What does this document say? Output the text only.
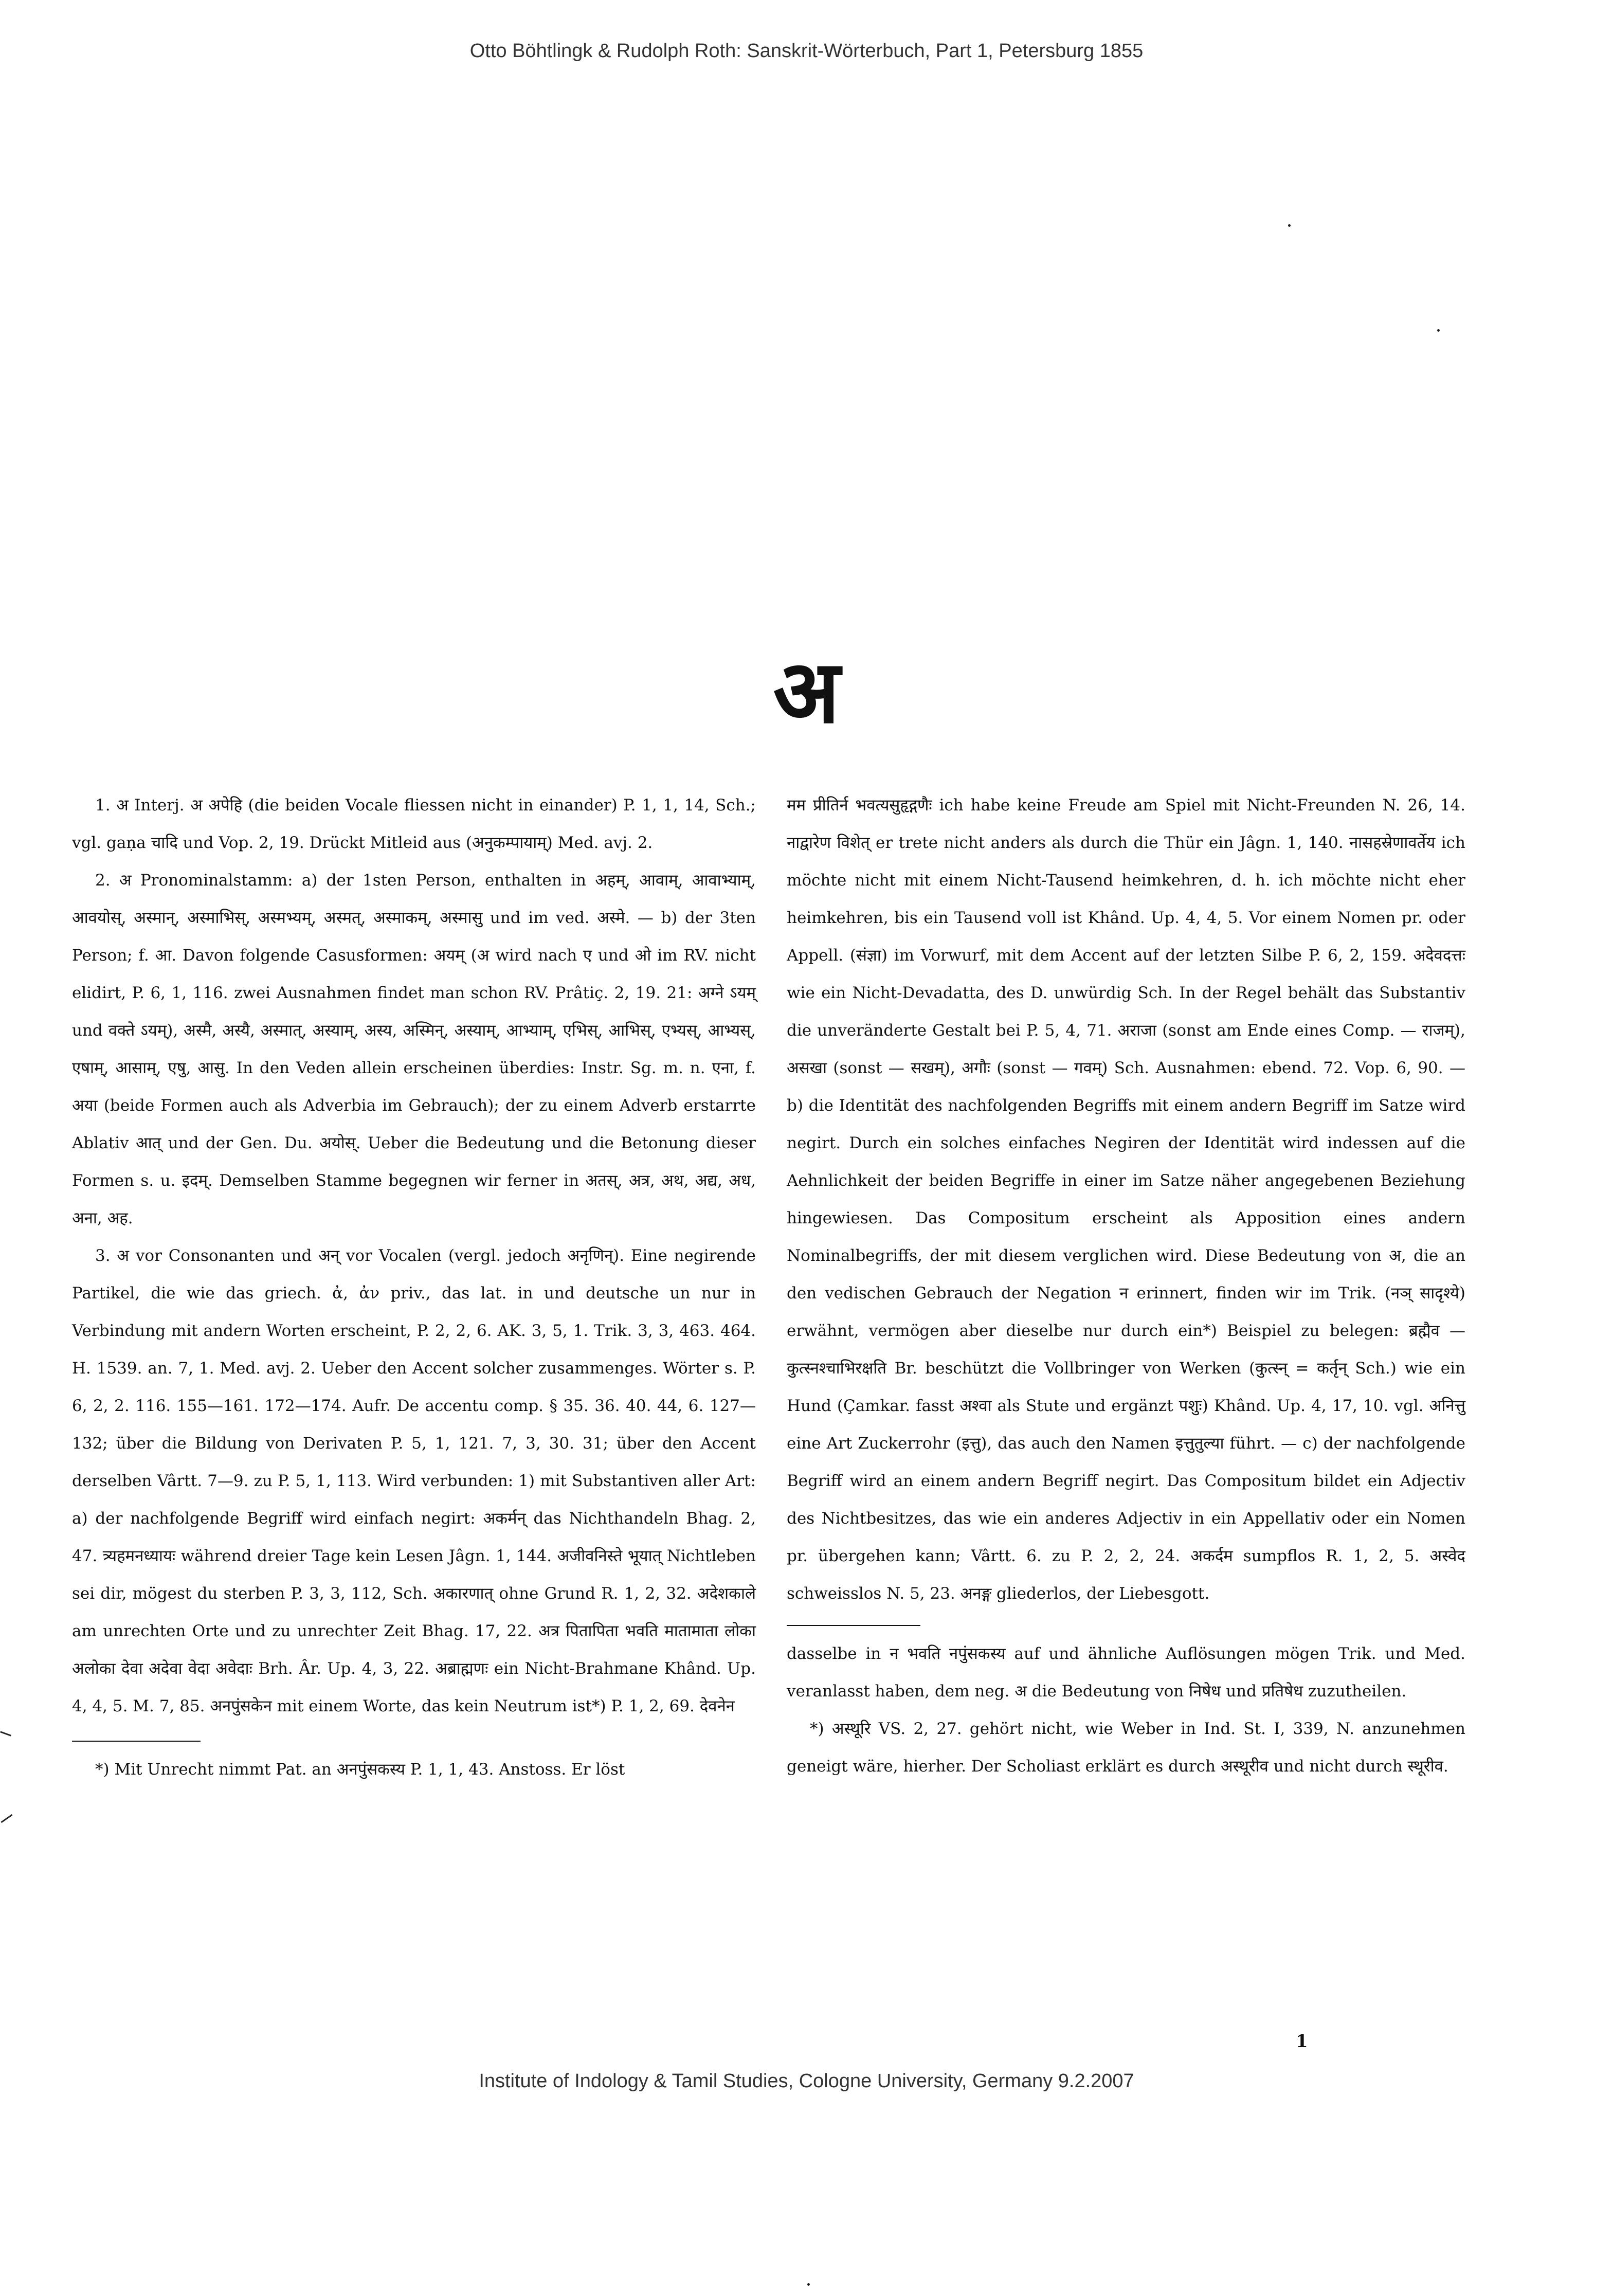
Otto Böhtlingk & Rudolph Roth: Sanskrit-Wörterbuch, Part 1, Petersburg 1855
अ

1. अ Interj. अ अपेहि (die beiden Vocale fliessen nicht in einander) P. 1, 1, 14, Sch.; vgl. gaṇa चादि und Vop. 2, 19. Drückt Mitleid aus (अनुकम्पायाम्) Med. avj. 2.

2. अ Pronominalstamm: a) der 1sten Person, enthalten in अहम्, आवाम्, आवाभ्याम्, आवयोस्, अस्मान्, अस्माभिस्, अस्मभ्यम्, अस्मत्, अस्माकम्, अस्मासु und im ved. अस्मे. — b) der 3ten Person; f. आ. Davon folgende Casusformen: अयम् (अ wird nach ए und ओ im RV. nicht elidirt, P. 6, 1, 116. zwei Ausnahmen findet man schon RV. Prâtiç. 2, 19. 21: अग्ने ऽयम् und वक्ते ऽयम्), अस्मै, अस्यै, अस्मात्, अस्याम्, अस्य, अस्मिन्, अस्याम्, आभ्याम्, एभिस्, आभिस्, एभ्यस्, आभ्यस्, एषाम्, आसाम्, एषु, आसु. In den Veden allein erscheinen überdies: Instr. Sg. m. n. एना, f. अया (beide Formen auch als Adverbia im Gebrauch); der zu einem Adverb erstarrte Ablativ आत् und der Gen. Du. अयोस्. Ueber die Bedeutung und die Betonung dieser Formen s. u. इदम्. Demselben Stamme begegnen wir ferner in अतस्, अत्र, अथ, अद्य, अध, अना, अह.

3. अ vor Consonanten und अन् vor Vocalen (vergl. jedoch अनृणिन्). Eine negirende Partikel, die wie das griech. ἀ, ἀν priv., das lat. in und deutsche un nur in Verbindung mit andern Worten erscheint, P. 2, 2, 6. AK. 3, 5, 1. Trik. 3, 3, 463. 464. H. 1539. an. 7, 1. Med. avj. 2. Ueber den Accent solcher zusammenges. Wörter s. P. 6, 2, 2. 116. 155—161. 172—174. Aufr. De accentu comp. § 35. 36. 40. 44, 6. 127—132; über die Bildung von Derivaten P. 5, 1, 121. 7, 3, 30. 31; über den Accent derselben Vârtt. 7—9. zu P. 5, 1, 113. Wird verbunden: 1) mit Substantiven aller Art: a) der nachfolgende Begriff wird einfach negirt: अकर्मन् das Nichthandeln Bhag. 2, 47. त्र्यहमनध्यायः während dreier Tage kein Lesen Jâgn. 1, 144. अजीवनिस्ते भूयात् Nichtleben sei dir, mögest du sterben P. 3, 3, 112, Sch. अकारणात् ohne Grund R. 1, 2, 32. अदेशकाले am unrechten Orte und zu unrechter Zeit Bhag. 17, 22. अत्र पितापिता भवति मातामाता लोका अलोका देवा अदेवा वेदा अवेदाः Brh. Âr. Up. 4, 3, 22. अब्राह्मणः ein Nicht-Brahmane Khând. Up. 4, 4, 5. M. 7, 85. अनपुंसकेन mit einem Worte, das kein Neutrum ist*) P. 1, 2, 69. देवनेन

*) Mit Unrecht nimmt Pat. an अनपुंसकस्य P. 1, 1, 43. Anstoss. Er löst

मम प्रीतिर्न भवत्यसुहृद्गणैः ich habe keine Freude am Spiel mit Nicht-Freunden N. 26, 14. नाद्वारेण विशेत् er trete nicht anders als durch die Thür ein Jâgn. 1, 140. नासहस्रेणावर्तेय ich möchte nicht mit einem Nicht-Tausend heimkehren, d. h. ich möchte nicht eher heimkehren, bis ein Tausend voll ist Khând. Up. 4, 4, 5. Vor einem Nomen pr. oder Appell. (संज्ञा) im Vorwurf, mit dem Accent auf der letzten Silbe P. 6, 2, 159. अदेवदत्तः wie ein Nicht-Devadatta, des D. unwürdig Sch. In der Regel behält das Substantiv die unveränderte Gestalt bei P. 5, 4, 71. अराजा (sonst am Ende eines Comp. — राजम्), असखा (sonst — सखम्), अगौः (sonst — गवम्) Sch. Ausnahmen: ebend. 72. Vop. 6, 90. — b) die Identität des nachfolgenden Begriffs mit einem andern Begriff im Satze wird negirt. Durch ein solches einfaches Negiren der Identität wird indessen auf die Aehnlichkeit der beiden Begriffe in einer im Satze näher angegebenen Beziehung hingewiesen. Das Compositum erscheint als Apposition eines andern Nominalbegriffs, der mit diesem verglichen wird. Diese Bedeutung von अ, die an den vedischen Gebrauch der Negation न erinnert, finden wir im Trik. (नञ् सादृश्ये) erwähnt, vermögen aber dieselbe nur durch ein*) Beispiel zu belegen: ब्रह्मैव — कुत्स्नश्चाभिरक्षति Br. beschützt die Vollbringer von Werken (कुत्स्न् = कर्तृन् Sch.) wie ein Hund (Çamkar. fasst अश्वा als Stute und ergänzt पशुः) Khând. Up. 4, 17, 10. vgl. अनित्तु eine Art Zuckerrohr (इत्तु), das auch den Namen इत्तुतुल्या führt. — c) der nachfolgende Begriff wird an einem andern Begriff negirt. Das Compositum bildet ein Adjectiv des Nichtbesitzes, das wie ein anderes Adjectiv in ein Appellativ oder ein Nomen pr. übergehen kann; Vârtt. 6. zu P. 2, 2, 24. अकर्दम sumpflos R. 1, 2, 5. अस्वेद schweisslos N. 5, 23. अनङ्ग gliederlos, der Liebesgott.

dasselbe in न भवति नपुंसकस्य auf und ähnliche Auflösungen mögen Trik. und Med. veranlasst haben, dem neg. अ die Bedeutung von निषेध und प्रतिषेध zuzutheilen.

*) अस्थूरि VS. 2, 27. gehört nicht, wie Weber in Ind. St. I, 339, N. anzunehmen geneigt wäre, hierher. Der Scholiast erklärt es durch अस्थूरीव und nicht durch स्थूरीव.

1
Institute of Indology & Tamil Studies, Cologne University, Germany 9.2.2007
